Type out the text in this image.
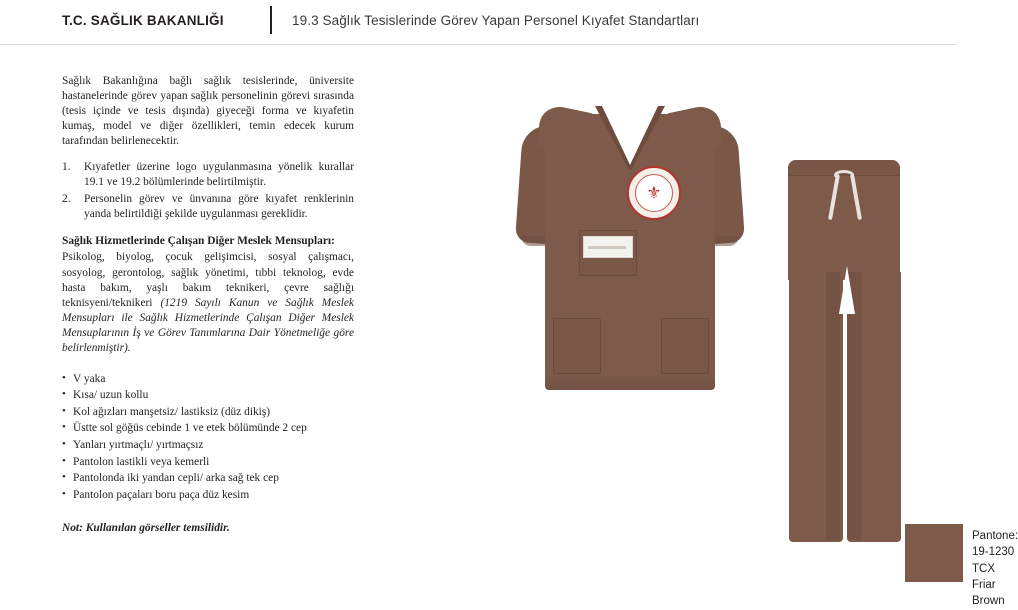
T.C. SAĞLIK BAKANLIĞI	19.3 Sağlık Tesislerinde Görev Yapan Personel Kıyafet Standartları

Sağlık Bakanlığına bağlı sağlık tesislerinde, üniversite hastanelerinde görev yapan sağlık personelinin görevi sırasında (tesis içinde ve tesis dışında) giyeceği forma ve kıyafetin kumaş, model ve diğer özellikleri, temin edecek kurum tarafından belirlenecektir.

1.	Kıyafetler üzerine logo uygulanmasına yönelik kurallar 19.1 ve 19.2 bölümlerinde belirtilmiştir.
2.	Personelin görev ve ünvanına göre kıyafet renklerinin yanda belirtildiği şekilde uygulanması gereklidir.

Sağlık Hizmetlerinde Çalışan Diğer Meslek Mensupları:

Psikolog, biyolog, çocuk gelişimcisi, sosyal çalışmacı, sosyolog, gerontolog, sağlık yönetimi, tıbbi teknolog, evde hasta bakım, yaşlı bakım teknikeri, çevre sağlığı teknisyeni/teknikeri (1219 Sayılı Kanun ve Sağlık Meslek Mensupları ile Sağlık Hizmetlerinde Çalışan Diğer Meslek Mensuplarının İş ve Görev Tanımlarına Dair Yönetmeliğe göre belirlenmiştir).

• V yaka
• Kısa/ uzun kollu
• Kol ağızları manşetsiz/ lastiksiz (düz dikiş)
• Üstte sol göğüs cebinde 1 ve etek bölümünde 2 cep
• Yanları yırtmaçlı/ yırtmaçsız
• Pantolon lastikli veya kemerli
• Pantolonda iki yandan cepli/ arka sağ tek cep
• Pantolon paçaları boru paça düz kesim

Not: Kullanılan görseller temsilidir.

⚜
Pantone: 19-1230 TCX
Friar Brown
